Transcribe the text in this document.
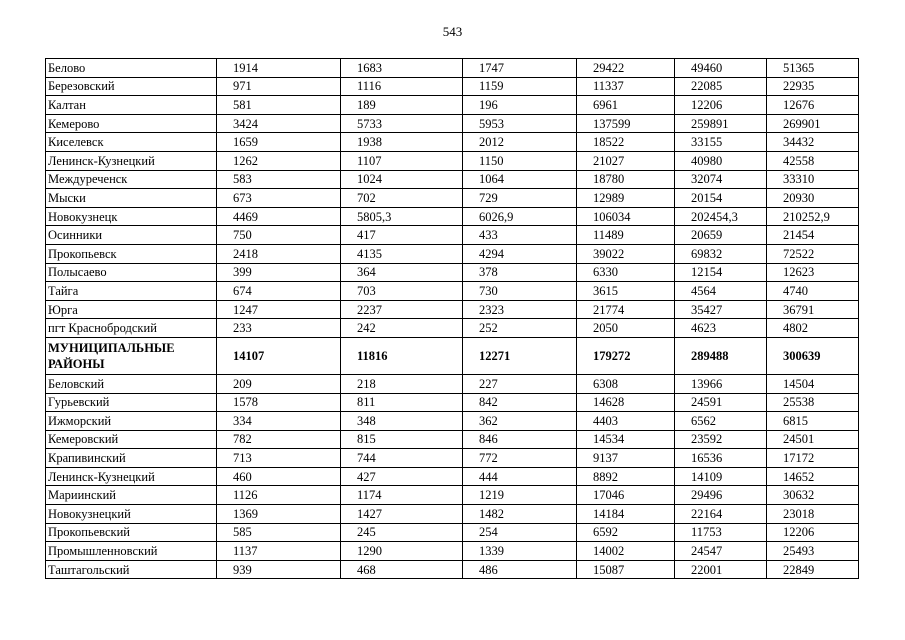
543
Белово	1914	1683	1747	29422	49460	51365
Березовский	971	1116	1159	11337	22085	22935
Калтан	581	189	196	6961	12206	12676
Кемерово	3424	5733	5953	137599	259891	269901
Киселевск	1659	1938	2012	18522	33155	34432
Ленинск-Кузнецкий	1262	1107	1150	21027	40980	42558
Междуреченск	583	1024	1064	18780	32074	33310
Мыски	673	702	729	12989	20154	20930
Новокузнецк	4469	5805,3	6026,9	106034	202454,3	210252,9
Осинники	750	417	433	11489	20659	21454
Прокопьевск	2418	4135	4294	39022	69832	72522
Полысаево	399	364	378	6330	12154	12623
Тайга	674	703	730	3615	4564	4740
Юрга	1247	2237	2323	21774	35427	36791
пгт Краснобродский	233	242	252	2050	4623	4802
МУНИЦИПАЛЬНЫЕ РАЙОНЫ	14107	11816	12271	179272	289488	300639
Беловский	209	218	227	6308	13966	14504
Гурьевский	1578	811	842	14628	24591	25538
Ижморский	334	348	362	4403	6562	6815
Кемеровский	782	815	846	14534	23592	24501
Крапивинский	713	744	772	9137	16536	17172
Ленинск-Кузнецкий	460	427	444	8892	14109	14652
Мариинский	1126	1174	1219	17046	29496	30632
Новокузнецкий	1369	1427	1482	14184	22164	23018
Прокопьевский	585	245	254	6592	11753	12206
Промышленновский	1137	1290	1339	14002	24547	25493
Таштагольский	939	468	486	15087	22001	22849
